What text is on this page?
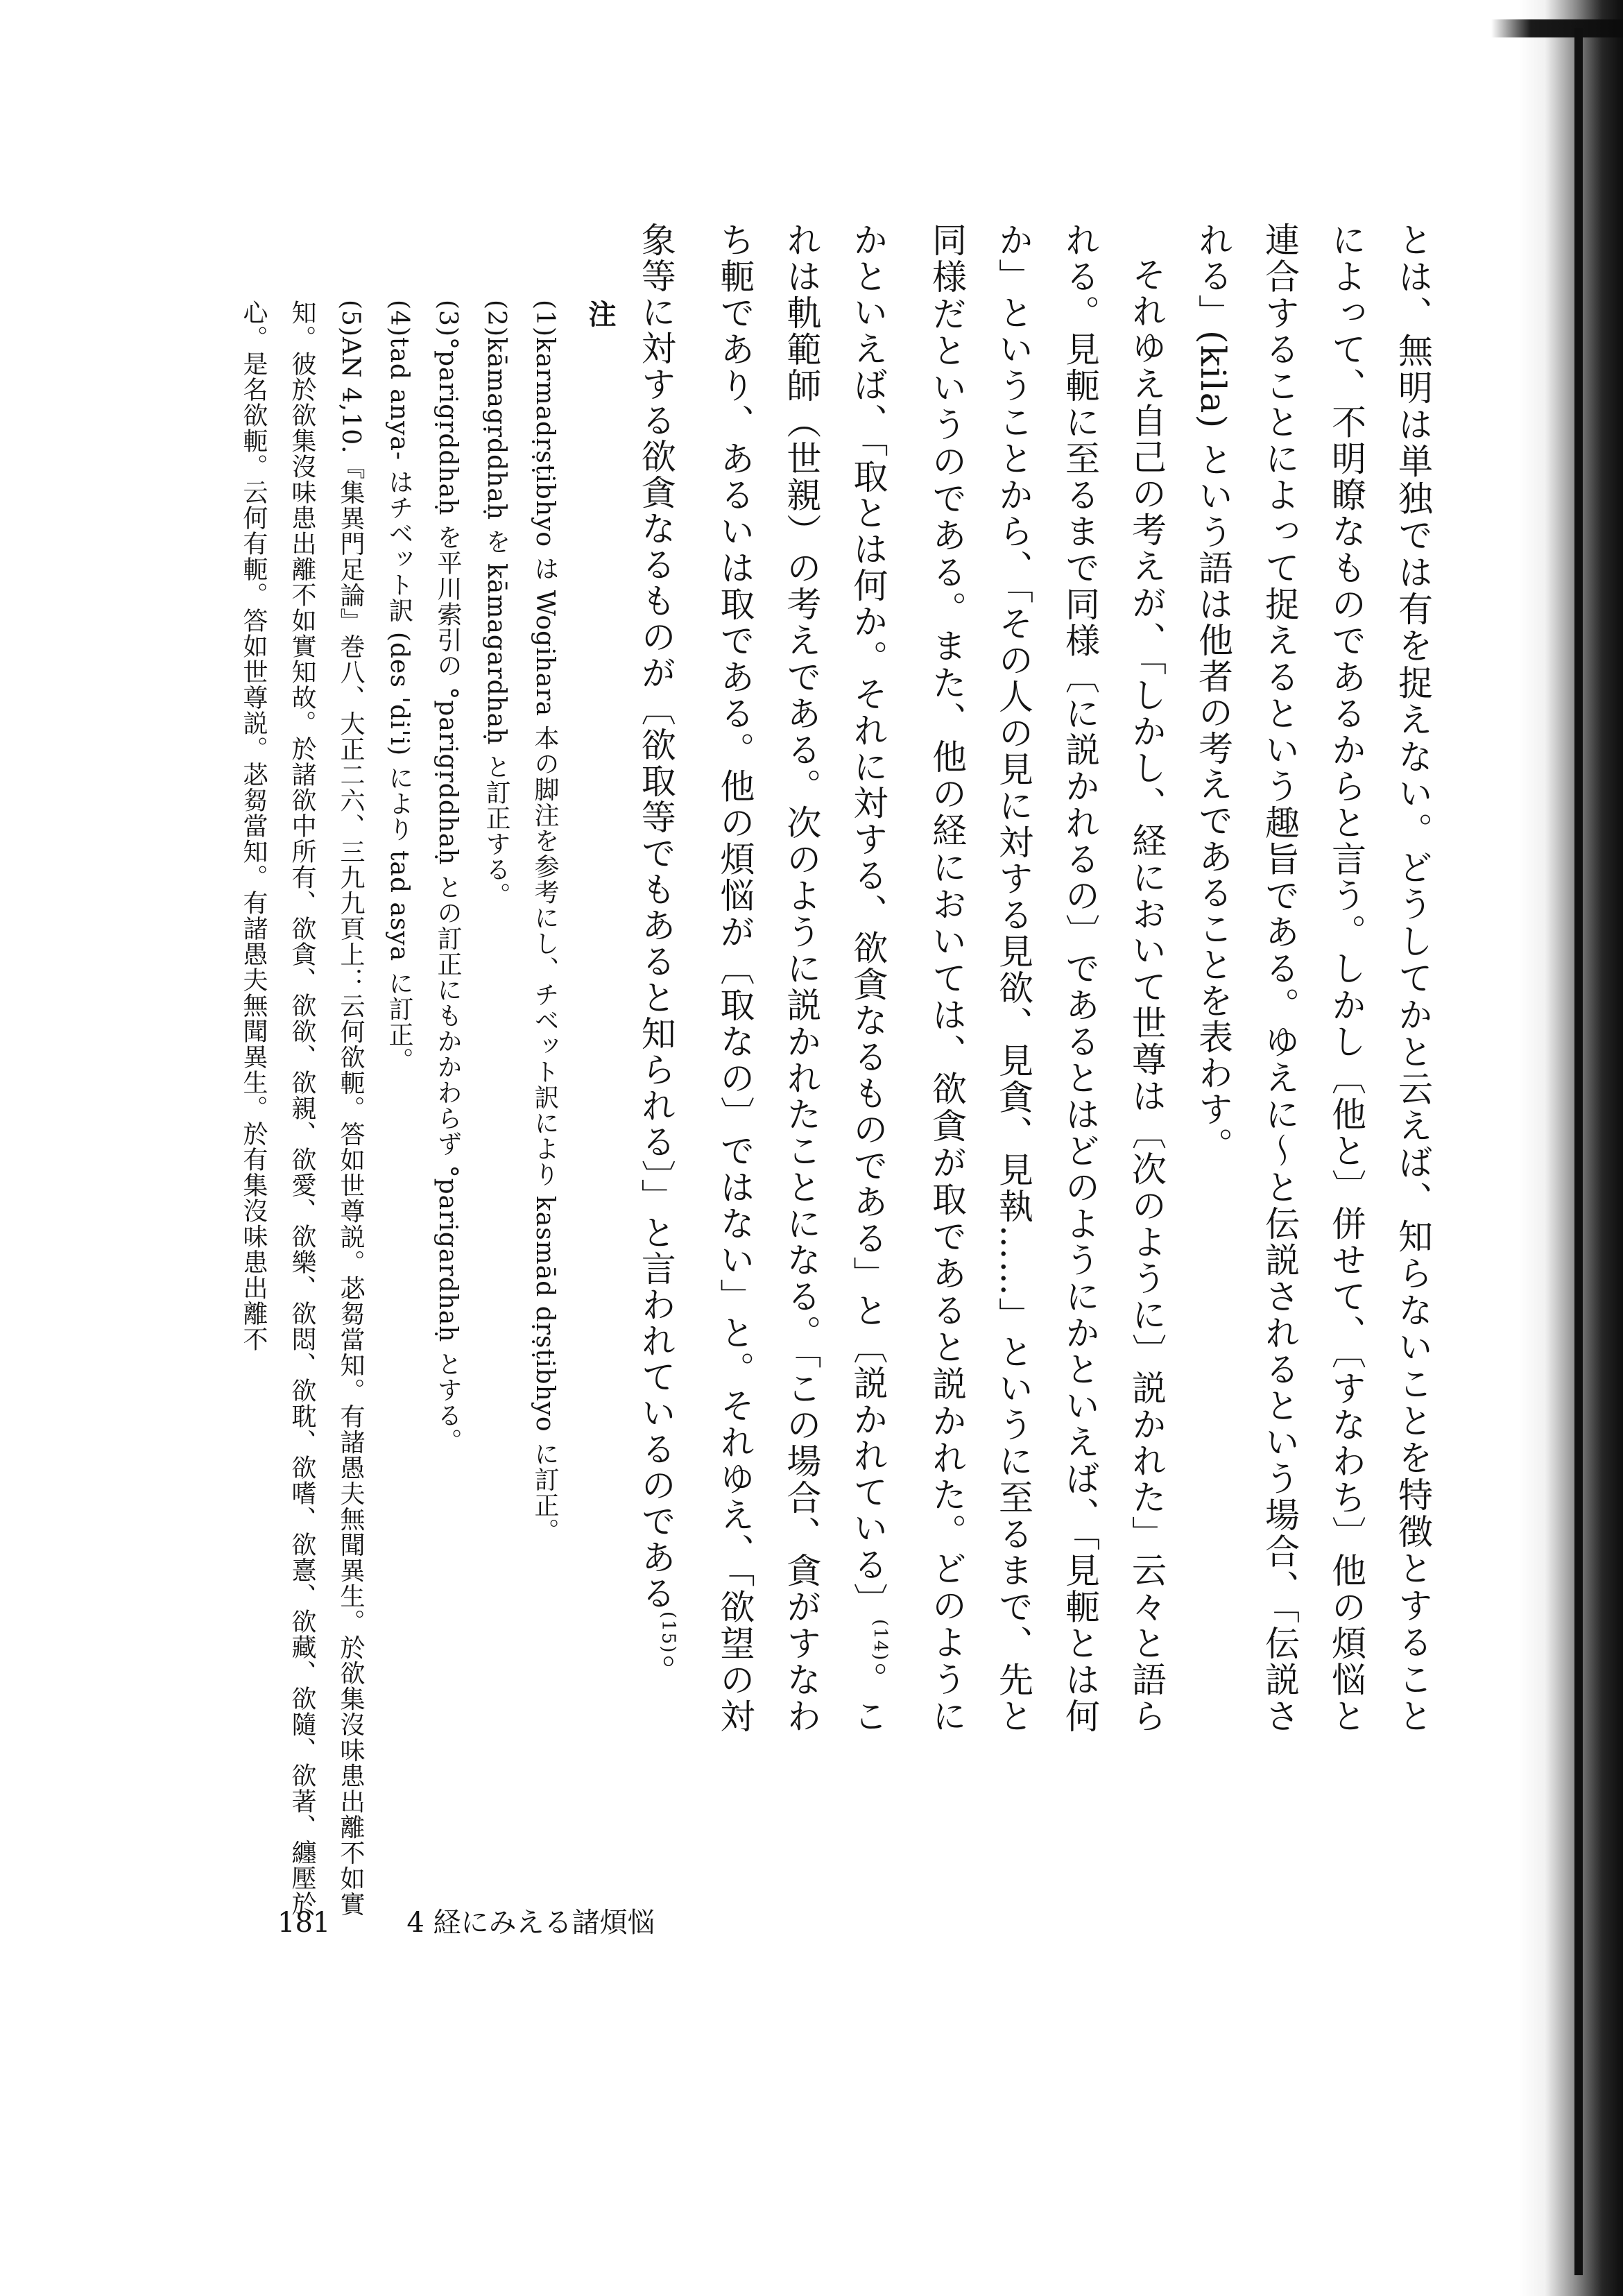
とは、無明は単独では有を捉えない。どうしてかと云えば、知らないことを特徴とすることによって、不明瞭なものであるからと言う。しかし〔他と〕併せて、〔すなわち〕他の煩悩と連合することによって捉えるという趣旨である。ゆえに～と伝説されるという場合、「伝説される」(kila) という語は他者の考えであることを表わす。

それゆえ自己の考えが、「しかし、経において世尊は〔次のように〕説かれた」云々と語られる。見軛に至るまで同様〔に説かれるの〕であるとはどのようにかといえば、「見軛とは何か」ということから、「その人の見に対する見欲、見貪、見執……」というに至るまで、先と同様だというのである。また、他の経においては、欲貪が取であると説かれた。どのようにかといえば、「取とは何か。それに対する、欲貪なるものである」と〔説かれている〕$^{(14)}$。これは軌範師（世親）の考えである。次のように説かれたことになる。「この場合、貪がすなわち軛であり、あるいは取である。他の煩悩が〔取なの〕ではない」と。それゆえ、「欲望の対象等に対する欲貪なるものが〔欲取等でもあると知られる〕」と言われているのである$^{(15)}$。

注

(1)karmadṛṣṭibhyo は Wogihara 本の脚注を参考にし、チベット訳により kasmād dṛṣṭibhyo に訂正。

(2)kāmagṛddhaḥ を kāmagardhaḥ と訂正する。

(3)°parigṛddhaḥ を平川索引の °parigṛddhaḥ との訂正にもかかわらず °parigardhaḥ とする。

(4)tad anya- はチベット訳 (des 'di'i) により tad asya に訂正。

(5)AN 4,10.『集異門足論』巻八、大正二六、三九九頁上：云何欲軛。答如世尊説。苾芻當知。有諸愚夫無聞異生。於欲集沒味患出離不如實知。彼於欲集沒味患出離不如實知故。於諸欲中所有、欲貪、欲欲、欲親、欲愛、欲樂、欲悶、欲耽、欲嗜、欲憙、欲藏、欲隨、欲著、纏壓於心。是名欲軛。云何有軛。答如世尊説。苾芻當知。有諸愚夫無聞異生。於有集沒味患出離不

181	4 経にみえる諸煩悩
